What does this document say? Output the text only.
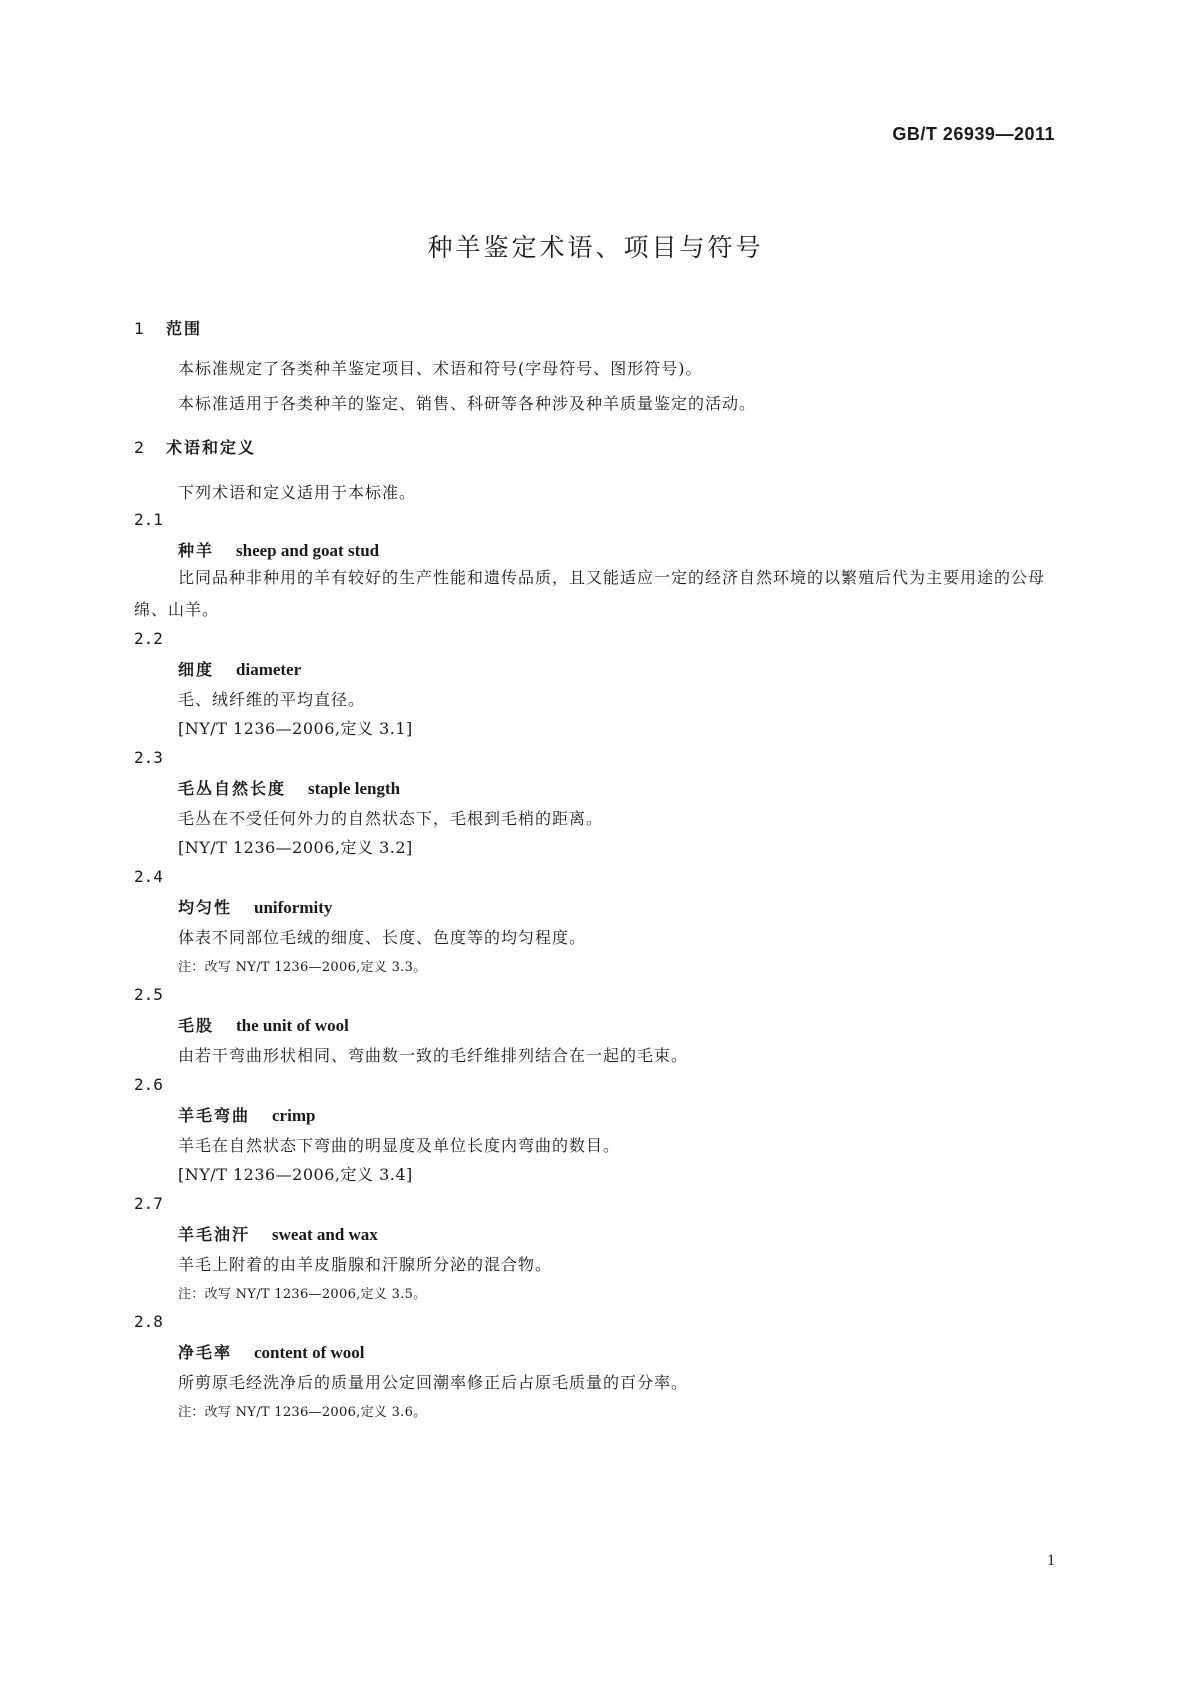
GB/T 26939—2011
种羊鉴定术语、项目与符号
1 范围
本标准规定了各类种羊鉴定项目、术语和符号(字母符号、图形符号)。
本标准适用于各类种羊的鉴定、销售、科研等各种涉及种羊质量鉴定的活动。
2 术语和定义
下列术语和定义适用于本标准。
2.1
种羊 sheep and goat stud
比同品种非种用的羊有较好的生产性能和遗传品质，且又能适应一定的经济自然环境的以繁殖后代为主要用途的公母绵、山羊。
2.2
细度 diameter
毛、绒纤维的平均直径。
[NY/T 1236—2006,定义 3.1]
2.3
毛丛自然长度 staple length
毛丛在不受任何外力的自然状态下，毛根到毛梢的距离。
[NY/T 1236—2006,定义 3.2]
2.4
均匀性 uniformity
体表不同部位毛绒的细度、长度、色度等的均匀程度。
注：改写 NY/T 1236—2006,定义 3.3。
2.5
毛股 the unit of wool
由若干弯曲形状相同、弯曲数一致的毛纤维排列结合在一起的毛束。
2.6
羊毛弯曲 crimp
羊毛在自然状态下弯曲的明显度及单位长度内弯曲的数目。
[NY/T 1236—2006,定义 3.4]
2.7
羊毛油汗 sweat and wax
羊毛上附着的由羊皮脂腺和汗腺所分泌的混合物。
注：改写 NY/T 1236—2006,定义 3.5。
2.8
净毛率 content of wool
所剪原毛经洗净后的质量用公定回潮率修正后占原毛质量的百分率。
注：改写 NY/T 1236—2006,定义 3.6。
1
